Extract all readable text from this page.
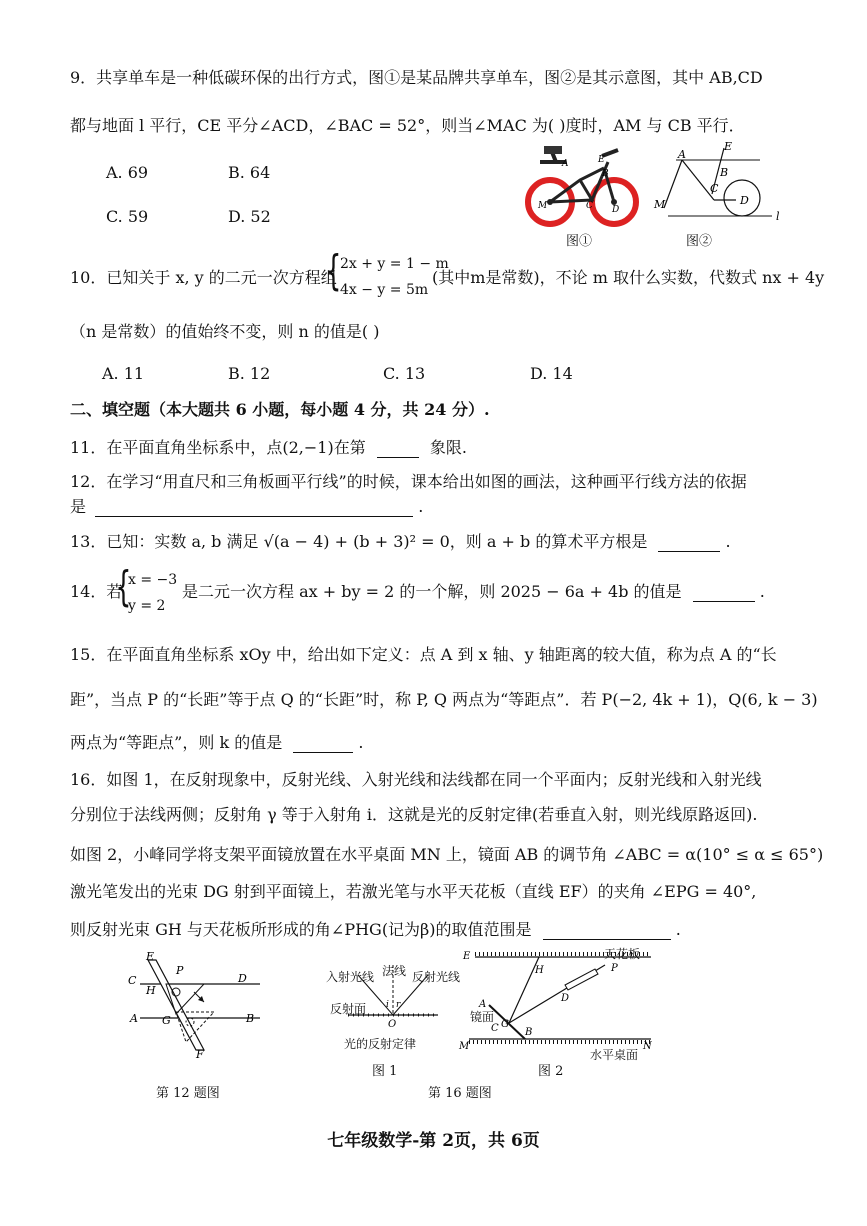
9．共享单车是一种低碳环保的出行方式，图①是某品牌共享单车，图②是其示意图，其中 AB,CD
都与地面 l 平行，CE 平分∠ACD，∠BAC = 52°，则当∠MAC 为( )度时，AM 与 CB 平行．
A. 69	B. 64
C. 59	D. 52
A	E
B
M	C D
图①
A
E
B
C
D
M
l
图②
10．已知关于 x, y 的二元一次方程组
{
2x + y = 1 − m
4x − y = 5m
(其中m是常数)，不论 m 取什么实数，代数式 nx + 4y
（n 是常数）的值始终不变，则 n 的值是( )
A. 11	B. 12	C. 13	D. 14
二、填空题（本大题共 6 小题，每小题 4 分，共 24 分）.
11．在平面直角坐标系中，点(2,−1)在第	象限.
12．在学习“用直尺和三角板画平行线”的时候，课本给出如图的画法，这种画平行线方法的依据
是	.
13．已知：实数 a, b 满足 √(a − 4) + (b + 3)² = 0，则 a + b 的算术平方根是	.
14．若
{
x = −3
y = 2
是二元一次方程 ax + by = 2 的一个解，则 2025 − 6a + 4b 的值是	.
15．在平面直角坐标系 xOy 中，给出如下定义：点 A 到 x 轴、y 轴距离的较大值，称为点 A 的“长
距”，当点 P 的“长距”等于点 Q 的“长距”时，称 P, Q 两点为“等距点”．若 P(−2, 4k + 1)，Q(6, k − 3)
两点为“等距点”，则 k 的值是	.
16．如图 1，在反射现象中，反射光线、入射光线和法线都在同一个平面内；反射光线和入射光线
分别位于法线两侧；反射角 γ 等于入射角 i．这就是光的反射定律(若垂直入射，则光线原路返回).
如图 2，小峰同学将支架平面镜放置在水平桌面 MN 上，镜面 AB 的调节角 ∠ABC = α(10° ≤ α ≤ 65°)
激光笔发出的光束 DG 射到平面镜上，若激光笔与水平天花板（直线 EF）的夹角 ∠EPG = 40°,
则反射光束 GH 与天花板所形成的角∠PHG(记为β)的取值范围是	.
E
C
H
P
D
A G	B
F
第 12 题图
i r
O
入射光线 法线 反射光线
反射面
光的反射定律
图 1
E
H	P
D
A
C G
B
M	N
天花板
镜面
水平桌面
图 2
第 16 题图
七年级数学-第 2页，共 6页
